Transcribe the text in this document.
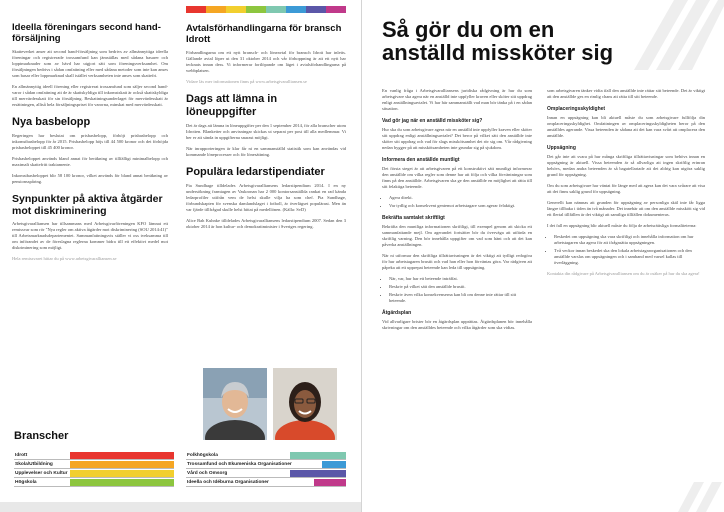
Ideella föreningars second hand-försäljning

Skatteverket anser att second hand-försäljning som bedrivs av allmännyttiga ideella föreningar och registrerade trossamfund kan jämställas med sådana basarer och lopptmarknader som av hävd har utgjort sätt som föreningsverksamhet. Om försäljningen bedrivs i sådan omfattning eller med sådana metoder som inte kan anses som basar eller loppmarknad skall istället verksamheten inte anses som skattefri.

En allmännyttig ideell förening eller registrerat trossamfund som säljer second hand-varor i sådan omfattning att de är skattskyldiga till inkomstskatt är också skattskyldiga till mervärdesskatt för sin försäljning. Beskattningsunderlaget för mervärdesskatt är ersättningen, alltså hela försäljningspriset för varorna, minskat med mervärdesskatt.

Nya basbelopp

Regeringen har beslutat om prisbasbelopp, förhöjt prisbasbelopp och inkomstbasbelopp för år 2015. Prisbasbelopp höjs till 44 500 kronor och det förhöjda prisbasbeloppet till 45 400 kronor.

Prisbasbeloppet används bland annat för beräkning av tillfälligt minimalbelopp och maximalt skattefritt traktamente.

Inkomstbasbeloppet blir 58 100 kronor, vilket används för bland annat beräkning av pensionsspåring.

Synpunkter på aktiva åtgärder mot diskriminering

Arbetsgivaralliansen har tillsammans med Arbetsgivarföreningen KFO lämnat ett remissvar som rör "Nya regler om aktiva åtgärder mot diskriminering (SOU 2014:41)" till Arbetsmarknadsdepartementet. Sammanfattningsvis ställer vi oss tveksamma till om införandet av de föreslagna reglerna kommer bidra till ett effektivt medel mot diskriminering som möjligt.

Hela remissvaret hittar du på www.arbetsgivaralliansen.se

Avtalsförhandlingarna för bransch Idrott

Förhandlingarna om ett nytt bransch- och löneavtal för bransch Idrott har inletts. Gällande avtal löper ut den 31 oktober 2014 och vår förhoppning är att ett nytt har tecknats innan dess. Vi informerar fortlöpande om läget i avtalsförhandlingarna på webbplatsen.

Vidare läs mer informationen finns på www.arbetsgivaralliansen.se

Dags att lämna in löneuppgifter

Det är dags att lämna in löneuppgifter per den 1 september 2014, för alla branscher utom Idrotten. Blanketter och anvisningar skickas ut separat per post till alla medlemmar. Vi ber er att sända in uppgifterna snarast möjligt.

När inrapporteringen är klar får ni en sammanställd statistik som kan användas vid kommande löneprocesser och för lönesättning.

Populära ledarstipendiater

Pia Sundhage tilldelades Arbetsgivaralliansens ledarstipendium 2014. I en ny undersökning framtagen av Vaskronan har 2 000 kontorsanställda rankat en rad kända ledarprofiler utifrån vem de helst skulle vilja ha som chef. Pia Sundhage, förbundskapten för svenska damlandslaget i fotboll, är överlägset populärast. Men än var fjärde tillfrågad skulle helst hittat på medellönen. (Källa: SvD)

Alice Bah Kuhnke tilldelades Arbetsgivaralliansens ledarstipendium 2007. Sedan den 3 oktober 2014 är hon kultur- och demokratiminister i Sveriges regering.

Branscher
Idrott
Skola/Utbildning
Upplevelser och Kultur
Högskola
Folkhögskola
Trossamfund och Ekumeniska Organisationer
Vård och Omsorg
Ideella och Idéburna Organisationer
Så gör du om en anställd missköter sig

En vanlig fråga i Arbetsgivaralliansens juridiska rådgivning är hur du som arbetsgivare ska agera när en anställd inte uppfyller kraven eller sköter sitt uppdrag enligt anställningsavtalet. Vi har här sammanställt vad man bör tänka på i en sådan situation.

Vad gör jag när en anställd missköter sig?

Hur ska du som arbetsgivare agera när en anställd inte uppfyller kraven eller sköter sitt uppdrag enligt anställningsavtalet? Det beror på vilket sätt den anställde inte sköter sitt uppdrag och vad för slags misskötsamhet det rör sig om. Vår rådgivning nedan bygger på att misskötsamheten inte grundar sig på sjukdom.

Informera den anställde muntligt

Det första steget är att arbetsgivaren på ett konstruktivt sätt muntligt informerar den anställde om vilka regler som denne har att följa och vilka förväntningar som finns på den anställde. Arbetsgivaren ska ge den anställde en möjlighet att rätta till sitt felaktiga beteende.

• Agera direkt.
• Var tydlig och konsekvent gentemot arbetstagare som agerar felaktigt.
Bekräfta samtalet skriftligt

Bekräfta den muntliga informationen skriftligt, till exempel genom att skicka ett sammanfattande mejl. Om agerandet fortsätter bör du överväga att utfärda en skriftlig varning. Den bör innehålla uppgifter om vad som hänt och att det kan påverka anställningen.

När ni utformar den skriftliga tillrättavisningen är det viktigt att tydligt redogöra för hur arbetstagaren brustit och vad han eller hon förväntas göra. Var rädgiven att påpeka att ett upprepat beteende kan leda till uppsägning.

• När, var, hur har ett beteende inträffat.
• Beskriv på vilket sätt den anställde brustit.
• Beskriv även vilka konsekvenserna kan bli om denne inte rättar till sitt beteende.
Åtgärdsplan

Vid allvarligare brister bör en åtgärdsplan upprättas. Åtgärdsplanen bör innehålla skrivningar om den anställdes beteende och vilka åtgärder som ska vidtas.

som arbetsgivaren tänker vidta ifall den anställde inte rättar sitt beteende. Det är viktigt att den anställde ges en rimlig chans att rätta till sitt beteende.

Omplaceringsskyldighet

Innan en uppsägning kan bli aktuell måste du som arbetsgivare fullfölja din omplaceringsskyldighet. Omfattningen av omplaceringsskyldigheten beror på den anställdes agerande. Vissa beteenden är sådana att det kan vara svårt att omplacera den anställde.

Uppsägning

Det går inte att svara på hur många skriftliga tillrättavisningar som behövs innan en uppsägning är aktuell. Vissa beteenden är så allvarliga att ingen skriftlig erinran behövs, medan andra beteenden är så bagatellartade att det aldrig kan utgöra saklig grund för uppsägning.

Om du som arbetsgivare har väntat för länge med att agera kan det vara svårare att visa att det finns saklig grund för uppsägning.

Generellt kan nämnas att grunden för uppsägning av personliga skäl inte får ligga längre tillbaka i tiden än två månader. Det innebär att om den anställde misskött sig vid ett flertal tillfällen är det viktigt att samtliga tillfällen dokumenteras.

I det fall en uppsägning blir aktuell måste du följa de arbetsrättsliga formaliteterna:

• Beskedet om uppsägning ska vara skriftligt och innehålla information om hur arbetstagaren ska agera för att ifrågasätta uppsägningen.
• Två veckor innan beskedet ska den lokala arbetstagarorganisationen och den anställde varslas om uppsägningen och i samband med varsel kallas till överläggning.

Kontakta din rådgivare på Arbetsgivaralliansen om du är osäker på hur du ska agera!
